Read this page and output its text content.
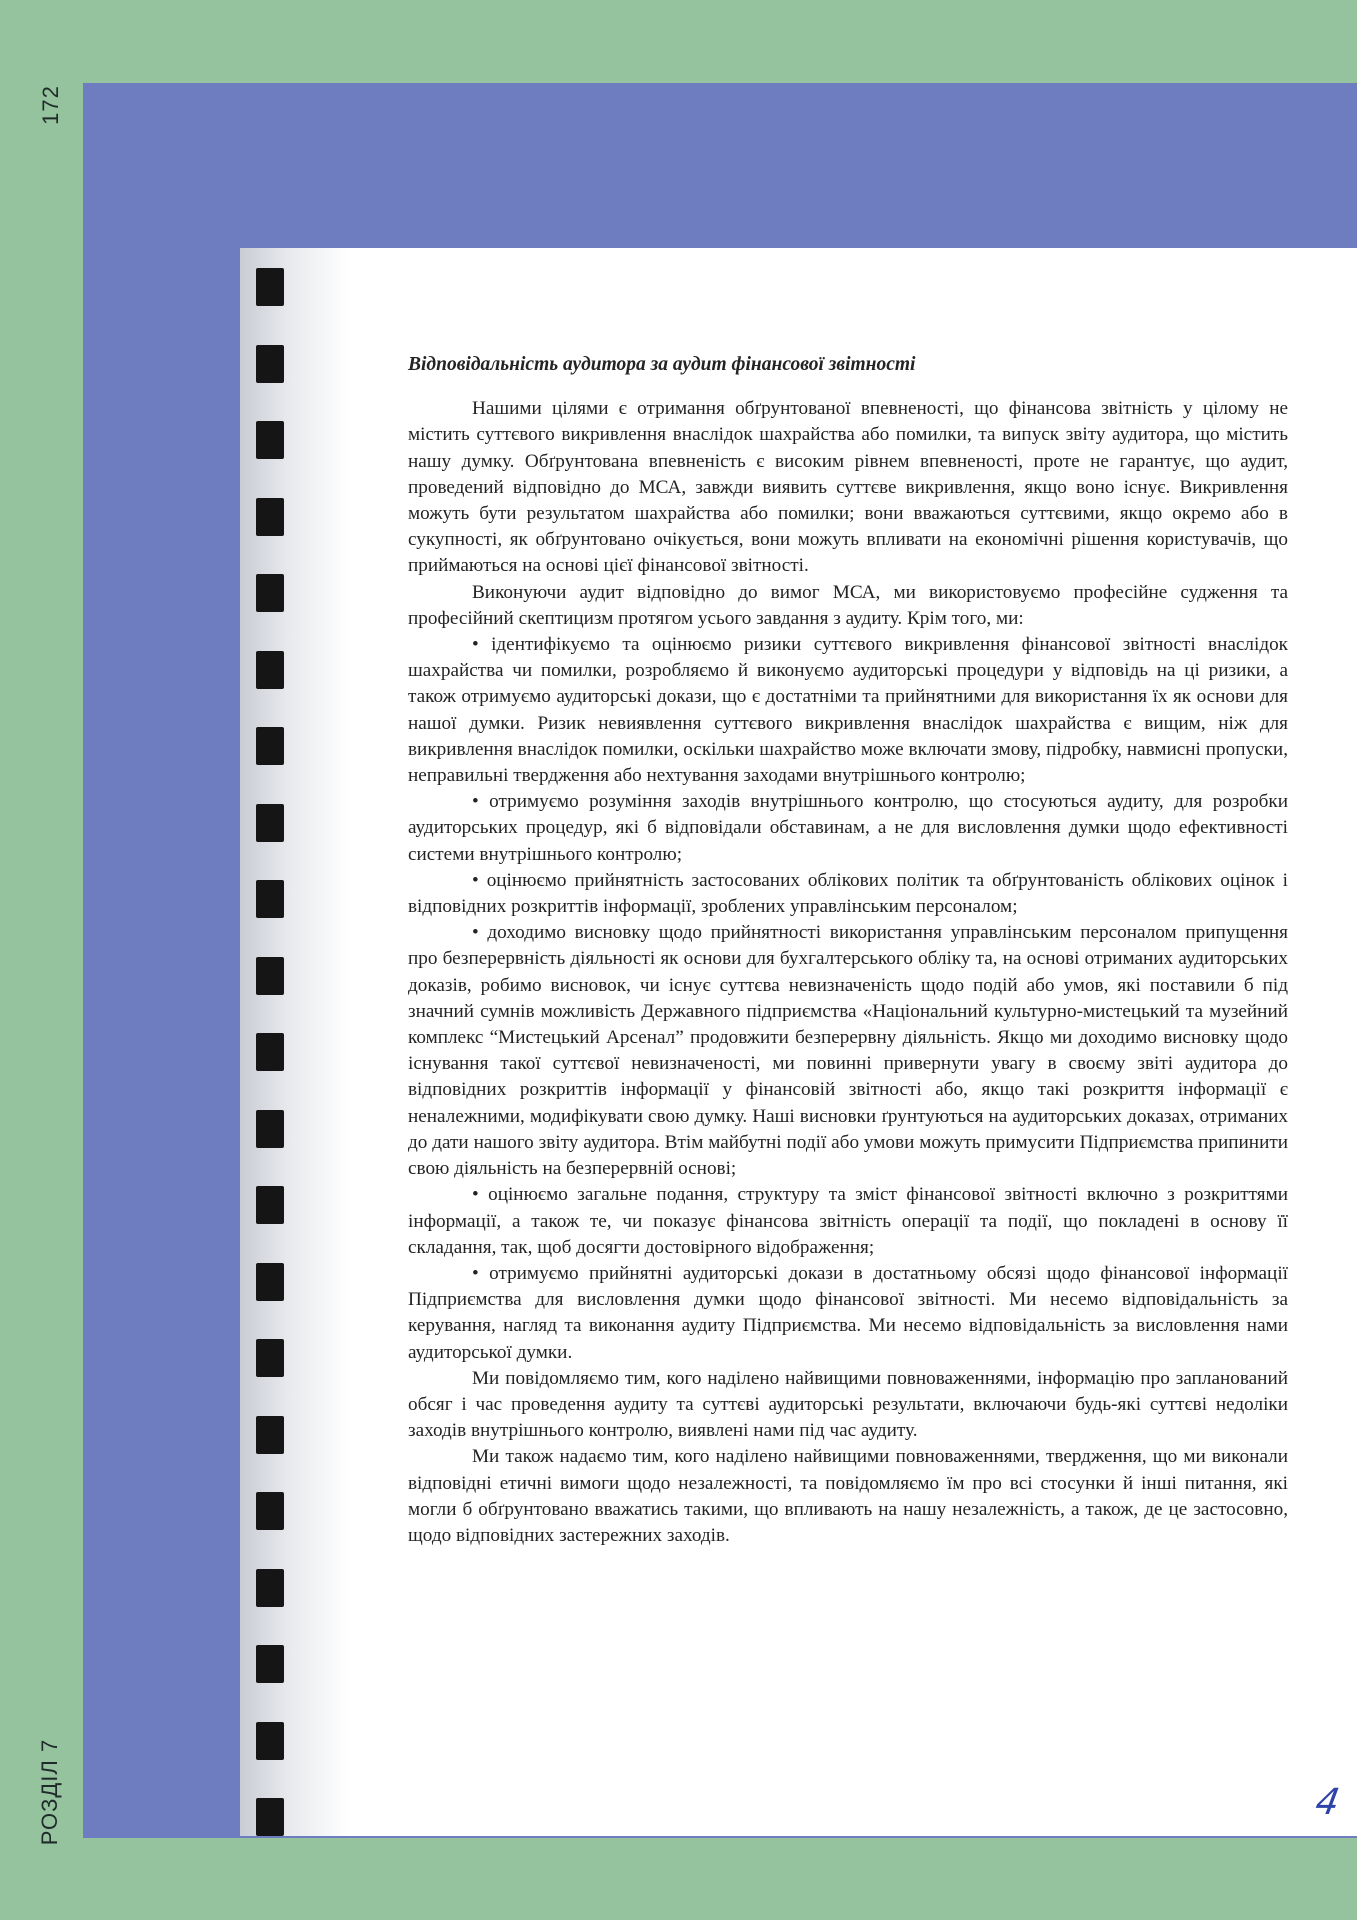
172
РОЗДІЛ 7
Відповідальність аудитора за аудит фінансової звітності

Нашими цілями є отримання обґрунтованої впевненості, що фінансова звітність у цілому не містить суттєвого викривлення внаслідок шахрайства або помилки, та випуск звіту аудитора, що містить нашу думку. Обґрунтована впевненість є високим рівнем впевненості, проте не гарантує, що аудит, проведений відповідно до МСА, завжди виявить суттєве викривлення, якщо воно існує. Викривлення можуть бути результатом шахрайства або помилки; вони вважаються суттєвими, якщо окремо або в сукупності, як обґрунтовано очікується, вони можуть впливати на економічні рішення користувачів, що приймаються на основі цієї фінансової звітності.

Виконуючи аудит відповідно до вимог МСА, ми використовуємо професійне судження та професійний скептицизм протягом усього завдання з аудиту. Крім того, ми:

• ідентифікуємо та оцінюємо ризики суттєвого викривлення фінансової звітності внаслідок шахрайства чи помилки, розробляємо й виконуємо аудиторські процедури у відповідь на ці ризики, а також отримуємо аудиторські докази, що є достатніми та прийнятними для використання їх як основи для нашої думки. Ризик невиявлення суттєвого викривлення внаслідок шахрайства є вищим, ніж для викривлення внаслідок помилки, оскільки шахрайство може включати змову, підробку, навмисні пропуски, неправильні твердження або нехтування заходами внутрішнього контролю;

• отримуємо розуміння заходів внутрішнього контролю, що стосуються аудиту, для розробки аудиторських процедур, які б відповідали обставинам, а не для висловлення думки щодо ефективності системи внутрішнього контролю;

• оцінюємо прийнятність застосованих облікових політик та обґрунтованість облікових оцінок і відповідних розкриттів інформації, зроблених управлінським персоналом;

• доходимо висновку щодо прийнятності використання управлінським персоналом припущення про безперервність діяльності як основи для бухгалтерського обліку та, на основі отриманих аудиторських доказів, робимо висновок, чи існує суттєва невизначеність щодо подій або умов, які поставили б під значний сумнів можливість Державного підприємства «Національний культурно-мистецький та музейний комплекс “Мистецький Арсенал” продовжити безперервну діяльність. Якщо ми доходимо висновку щодо існування такої суттєвої невизначеності, ми повинні привернути увагу в своєму звіті аудитора до відповідних розкриттів інформації у фінансовій звітності або, якщо такі розкриття інформації є неналежними, модифікувати свою думку. Наші висновки ґрунтуються на аудиторських доказах, отриманих до дати нашого звіту аудитора. Втім майбутні події або умови можуть примусити Підприємства припинити свою діяльність на безперервній основі;

• оцінюємо загальне подання, структуру та зміст фінансової звітності включно з розкриттями інформації, а також те, чи показує фінансова звітність операції та події, що покладені в основу її складання, так, щоб досягти достовірного відображення;

• отримуємо прийнятні аудиторські докази в достатньому обсязі щодо фінансової інформації Підприємства для висловлення думки щодо фінансової звітності. Ми несемо відповідальність за керування, нагляд та виконання аудиту Підприємства. Ми несемо відповідальність за висловлення нами аудиторської думки.

Ми повідомляємо тим, кого наділено найвищими повноваженнями, інформацію про запланований обсяг і час проведення аудиту та суттєві аудиторські результати, включаючи будь-які суттєві недоліки заходів внутрішнього контролю, виявлені нами під час аудиту.

Ми також надаємо тим, кого наділено найвищими повноваженнями, твердження, що ми виконали відповідні етичні вимоги щодо незалежності, та повідомляємо їм про всі стосунки й інші питання, які могли б обґрунтовано вважатись такими, що впливають на нашу незалежність, а також, де це застосовно, щодо відповідних застережних заходів.

4
